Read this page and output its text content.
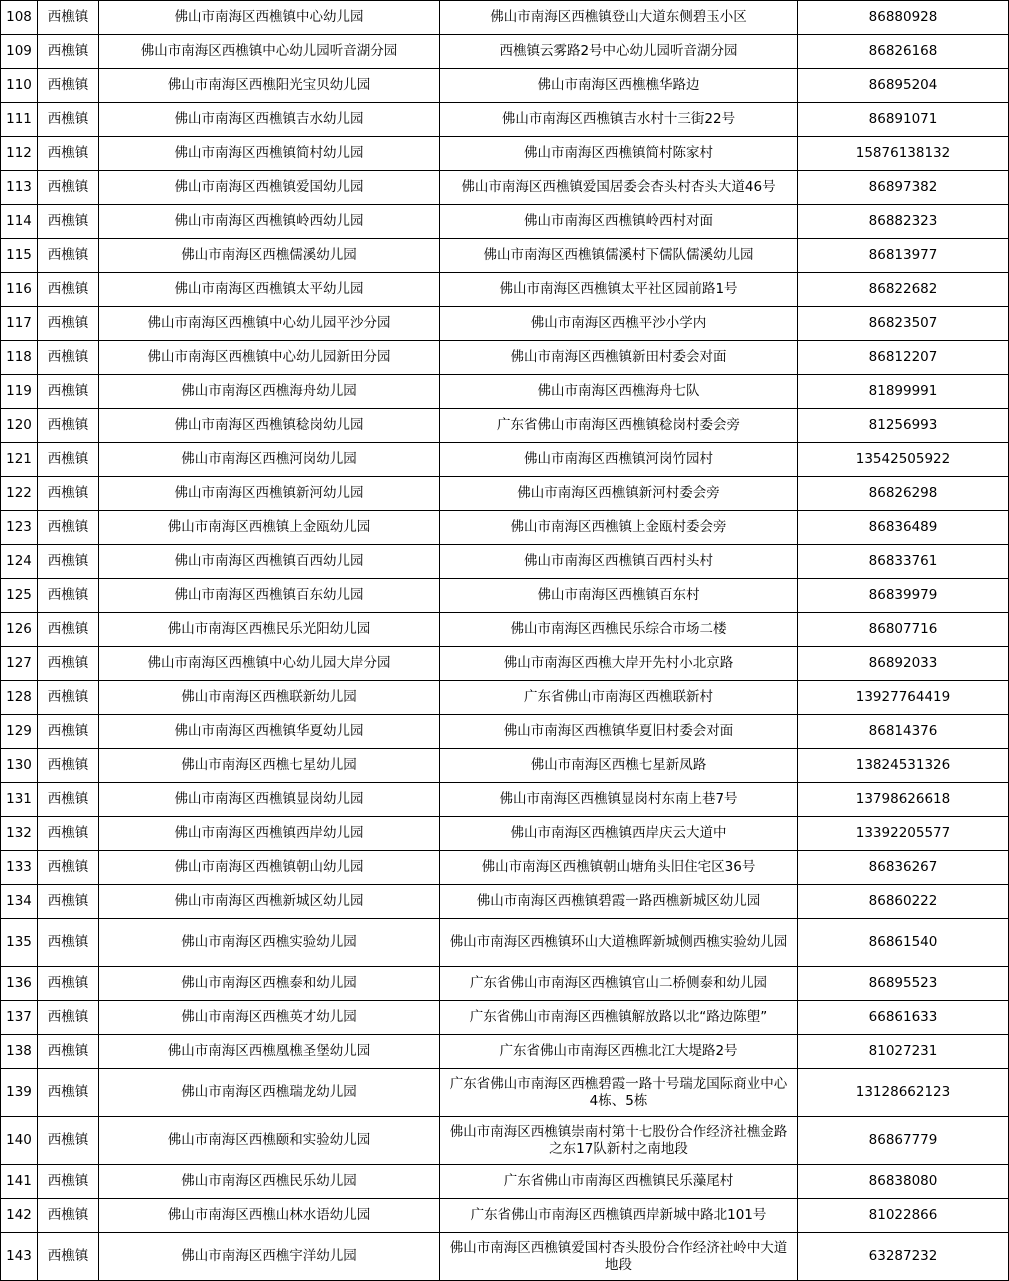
108	西樵镇	佛山市南海区西樵镇中心幼儿园	佛山市南海区西樵镇登山大道东侧碧玉小区	86880928
109	西樵镇	佛山市南海区西樵镇中心幼儿园听音湖分园	西樵镇云雾路2号中心幼儿园听音湖分园	86826168
110	西樵镇	佛山市南海区西樵阳光宝贝幼儿园	佛山市南海区西樵樵华路边	86895204
111	西樵镇	佛山市南海区西樵镇吉水幼儿园	佛山市南海区西樵镇吉水村十三街22号	86891071
112	西樵镇	佛山市南海区西樵镇简村幼儿园	佛山市南海区西樵镇简村陈家村	15876138132
113	西樵镇	佛山市南海区西樵镇爱国幼儿园	佛山市南海区西樵镇爱国居委会杏头村杏头大道46号	86897382
114	西樵镇	佛山市南海区西樵镇岭西幼儿园	佛山市南海区西樵镇岭西村对面	86882323
115	西樵镇	佛山市南海区西樵儒溪幼儿园	佛山市南海区西樵镇儒溪村下儒队儒溪幼儿园	86813977
116	西樵镇	佛山市南海区西樵镇太平幼儿园	佛山市南海区西樵镇太平社区园前路1号	86822682
117	西樵镇	佛山市南海区西樵镇中心幼儿园平沙分园	佛山市南海区西樵平沙小学内	86823507
118	西樵镇	佛山市南海区西樵镇中心幼儿园新田分园	佛山市南海区西樵镇新田村委会对面	86812207
119	西樵镇	佛山市南海区西樵海舟幼儿园	佛山市南海区西樵海舟七队	81899991
120	西樵镇	佛山市南海区西樵镇稔岗幼儿园	广东省佛山市南海区西樵镇稔岗村委会旁	81256993
121	西樵镇	佛山市南海区西樵河岗幼儿园	佛山市南海区西樵镇河岗竹园村	13542505922
122	西樵镇	佛山市南海区西樵镇新河幼儿园	佛山市南海区西樵镇新河村委会旁	86826298
123	西樵镇	佛山市南海区西樵镇上金瓯幼儿园	佛山市南海区西樵镇上金瓯村委会旁	86836489
124	西樵镇	佛山市南海区西樵镇百西幼儿园	佛山市南海区西樵镇百西村头村	86833761
125	西樵镇	佛山市南海区西樵镇百东幼儿园	佛山市南海区西樵镇百东村	86839979
126	西樵镇	佛山市南海区西樵民乐光阳幼儿园	佛山市南海区西樵民乐综合市场二楼	86807716
127	西樵镇	佛山市南海区西樵镇中心幼儿园大岸分园	佛山市南海区西樵大岸开先村小北京路	86892033
128	西樵镇	佛山市南海区西樵联新幼儿园	广东省佛山市南海区西樵联新村	13927764419
129	西樵镇	佛山市南海区西樵镇华夏幼儿园	佛山市南海区西樵镇华夏旧村委会对面	86814376
130	西樵镇	佛山市南海区西樵七星幼儿园	佛山市南海区西樵七星新凤路	13824531326
131	西樵镇	佛山市南海区西樵镇显岗幼儿园	佛山市南海区西樵镇显岗村东南上巷7号	13798626618
132	西樵镇	佛山市南海区西樵镇西岸幼儿园	佛山市南海区西樵镇西岸庆云大道中	13392205577
133	西樵镇	佛山市南海区西樵镇朝山幼儿园	佛山市南海区西樵镇朝山塘角头旧住宅区36号	86836267
134	西樵镇	佛山市南海区西樵新城区幼儿园	佛山市南海区西樵镇碧霞一路西樵新城区幼儿园	86860222
135	西樵镇	佛山市南海区西樵实验幼儿园	佛山市南海区西樵镇环山大道樵晖新城侧西樵实验幼儿园	86861540
136	西樵镇	佛山市南海区西樵泰和幼儿园	广东省佛山市南海区西樵镇官山二桥侧泰和幼儿园	86895523
137	西樵镇	佛山市南海区西樵英才幼儿园	广东省佛山市南海区西樵镇解放路以北“路边陈塱”	66861633
138	西樵镇	佛山市南海区西樵凰樵圣堡幼儿园	广东省佛山市南海区西樵北江大堤路2号	81027231
139	西樵镇	佛山市南海区西樵瑞龙幼儿园	广东省佛山市南海区西樵碧霞一路十号瑞龙国际商业中心4栋、5栋	13128662123
140	西樵镇	佛山市南海区西樵颐和实验幼儿园	佛山市南海区西樵镇崇南村第十七股份合作经济社樵金路之东17队新村之南地段	86867779
141	西樵镇	佛山市南海区西樵民乐幼儿园	广东省佛山市南海区西樵镇民乐藻尾村	86838080
142	西樵镇	佛山市南海区西樵山林水语幼儿园	广东省佛山市南海区西樵镇西岸新城中路北101号	81022866
143	西樵镇	佛山市南海区西樵宇洋幼儿园	佛山市南海区西樵镇爱国村杏头股份合作经济社岭中大道地段	63287232
